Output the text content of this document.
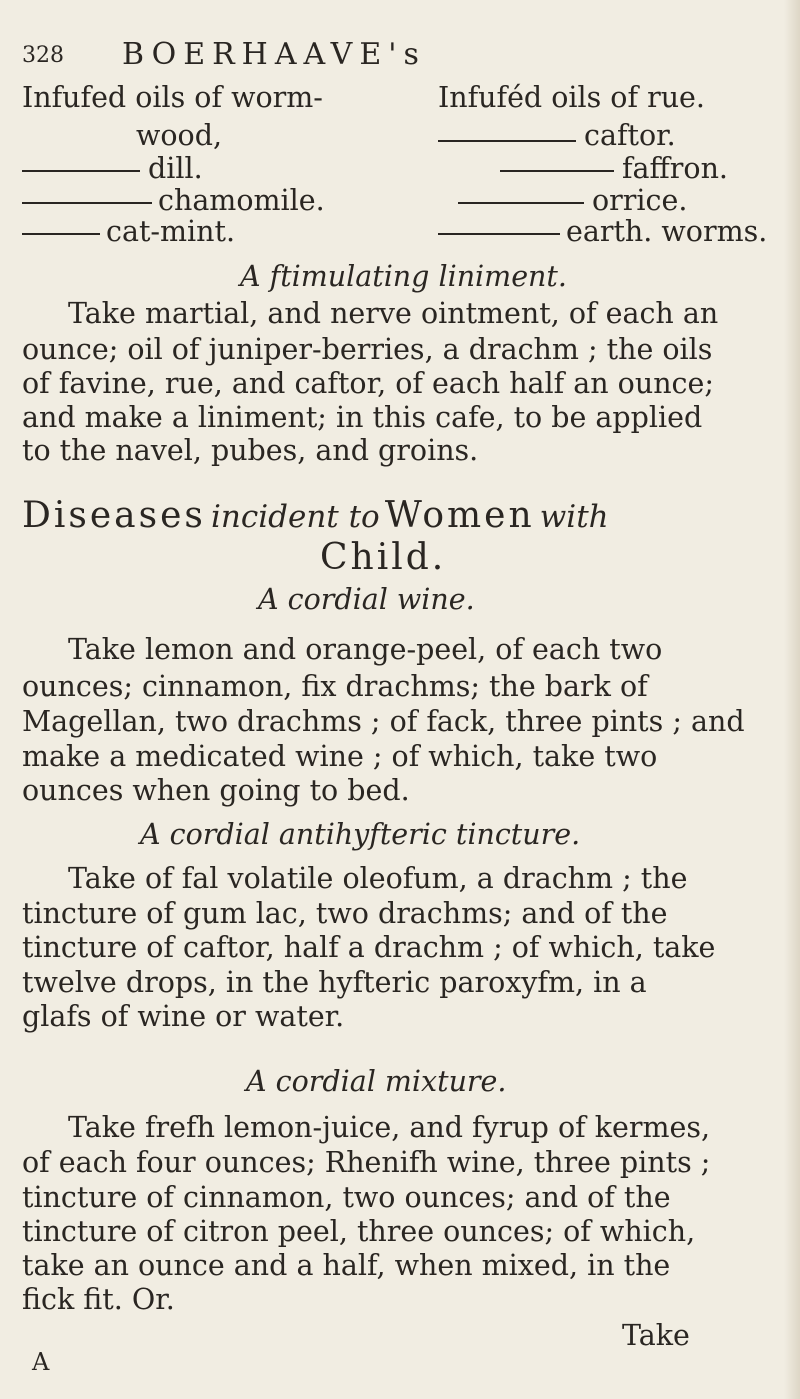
328 BOERHAAVE's
Infufed oils of worm-	Infuféd oils of rue.
wood,	caftor.
dill.	faffron.
chamomile.	orrice.
cat-mint.	earth. worms.
A ftimulating liniment.
Take martial, and nerve ointment, of each an
ounce; oil of juniper-berries, a drachm ; the oils
of favine, rue, and caftor, of each half an ounce;
and make a liniment; in this cafe, to be applied
to the navel, pubes, and groins.
Diseases incident to Women with
Child.
A cordial wine.
Take lemon and orange-peel, of each two
ounces; cinnamon, fix drachms; the bark of
Magellan, two drachms ; of fack, three pints ; and
make a medicated wine ; of which, take two
ounces when going to bed.
A cordial antihyfteric tincture.
Take of fal volatile oleofum, a drachm ; the
tincture of gum lac, two drachms; and of the
tincture of caftor, half a drachm ; of which, take
twelve drops, in the hyfteric paroxyfm, in a
glafs of wine or water.
A cordial mixture.
Take frefh lemon-juice, and fyrup of kermes,
of each four ounces; Rhenifh wine, three pints ;
tincture of cinnamon, two ounces; and of the
tincture of citron peel, three ounces; of which,
take an ounce and a half, when mixed, in the
fick fit. Or.
Take
A
